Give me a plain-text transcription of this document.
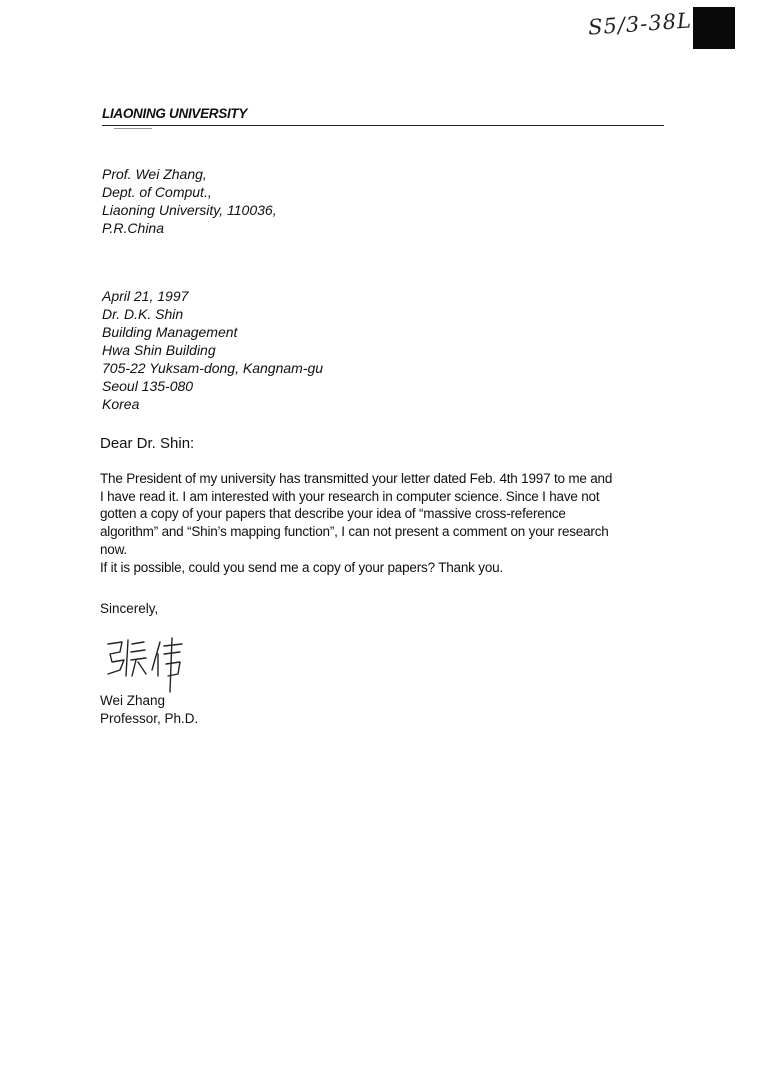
S5/3-38L
LIAONING UNIVERSITY
Prof. Wei Zhang,
Dept. of Comput.,
Liaoning University, 110036,
P.R.China
April 21, 1997
Dr. D.K. Shin
Building Management
Hwa Shin Building
705-22 Yuksam-dong, Kangnam-gu
Seoul 135-080
Korea
Dear Dr. Shin:
The President of my university has transmitted your letter dated Feb. 4th 1997 to me and
I have read it. I am interested with your research in computer science. Since I have not
gotten a copy of your papers that describe your idea of “massive cross-reference
algorithm” and “Shin’s mapping function”, I can not present a comment on your research
now.
If it is possible, could you send me a copy of your papers? Thank you.
Sincerely,
Wei Zhang
Professor, Ph.D.
